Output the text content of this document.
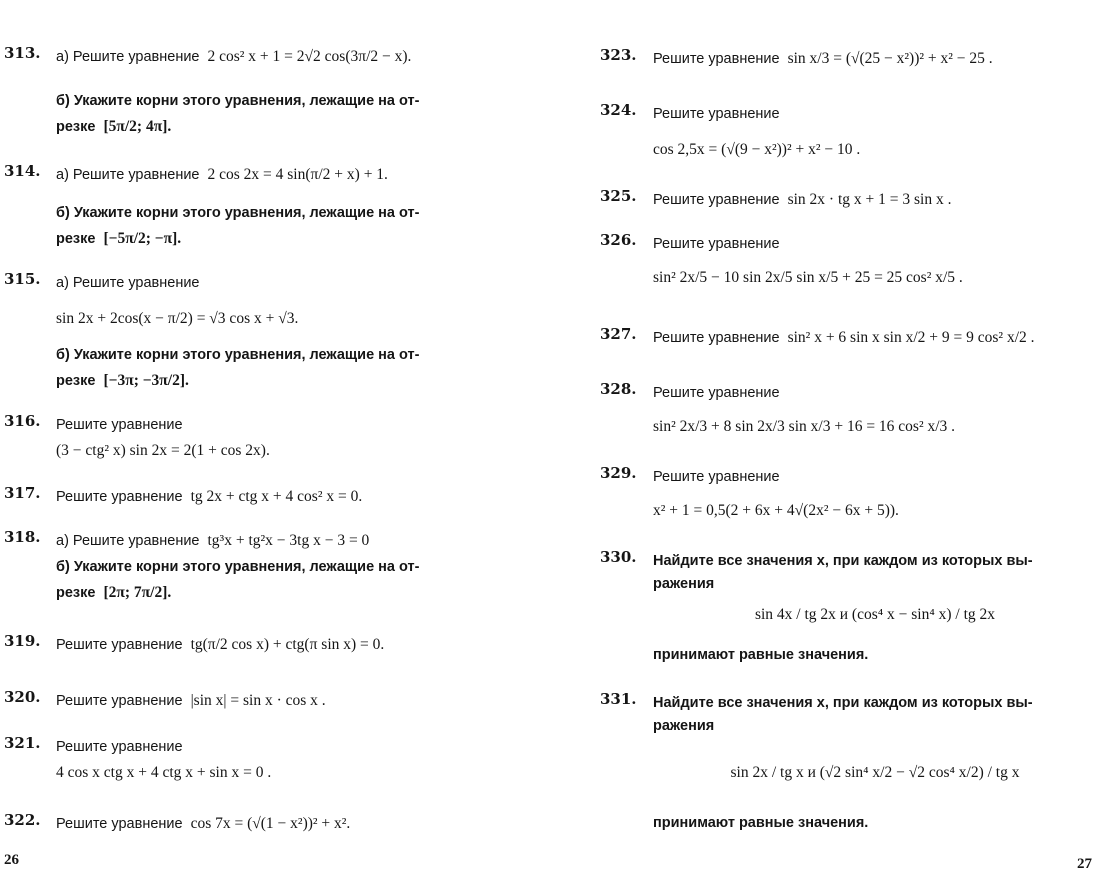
313. а) Решите уравнение 2 cos² x + 1 = 2√2 cos(3π/2 − x).
б) Укажите корни этого уравнения, лежащие на от-
резке [5π/2; 4π].
314. а) Решите уравнение 2 cos 2x = 4 sin(π/2 + x) + 1.
б) Укажите корни этого уравнения, лежащие на от-
резке [−5π/2; −π].
315. а) Решите уравнение
sin 2x + 2cos(x − π/2) = √3 cos x + √3.
б) Укажите корни этого уравнения, лежащие на от-
резке [−3π; −3π/2].
316. Решите уравнение
(3 − ctg² x) sin 2x = 2(1 + cos 2x).
317. Решите уравнение tg 2x + ctg x + 4 cos² x = 0.
318. а) Решите уравнение tg³x + tg²x − 3tg x − 3 = 0
б) Укажите корни этого уравнения, лежащие на от-
резке [2π; 7π/2].
319. Решите уравнение tg(π/2 cos x) + ctg(π sin x) = 0.
320. Решите уравнение |sin x| = sin x · cos x .
321. Решите уравнение
4 cos x ctg x + 4 ctg x + sin x = 0 .
322. Решите уравнение cos 7x = (√(1 − x²))² + x².
26
323. Решите уравнение sin x/3 = (√(25 − x²))² + x² − 25 .
324. Решите уравнение
cos 2,5x = (√(9 − x²))² + x² − 10 .
325. Решите уравнение sin 2x · tg x + 1 = 3 sin x .
326. Решите уравнение
sin² 2x/5 − 10 sin 2x/5 sin x/5 + 25 = 25 cos² x/5 .
327. Решите уравнение sin² x + 6 sin x sin x/2 + 9 = 9 cos² x/2 .
328. Решите уравнение
sin² 2x/3 + 8 sin 2x/3 sin x/3 + 16 = 16 cos² x/3 .
329. Решите уравнение
x² + 1 = 0,5(2 + 6x + 4√(2x² − 6x + 5)).
330. Найдите все значения x, при каждом из которых вы-
ражения
sin 4x / tg 2x и (cos⁴ x − sin⁴ x) / tg 2x
принимают равные значения.
331. Найдите все значения x, при каждом из которых вы-
ражения
sin 2x / tg x и (√2 sin⁴ x/2 − √2 cos⁴ x/2) / tg x
принимают равные значения.
27
